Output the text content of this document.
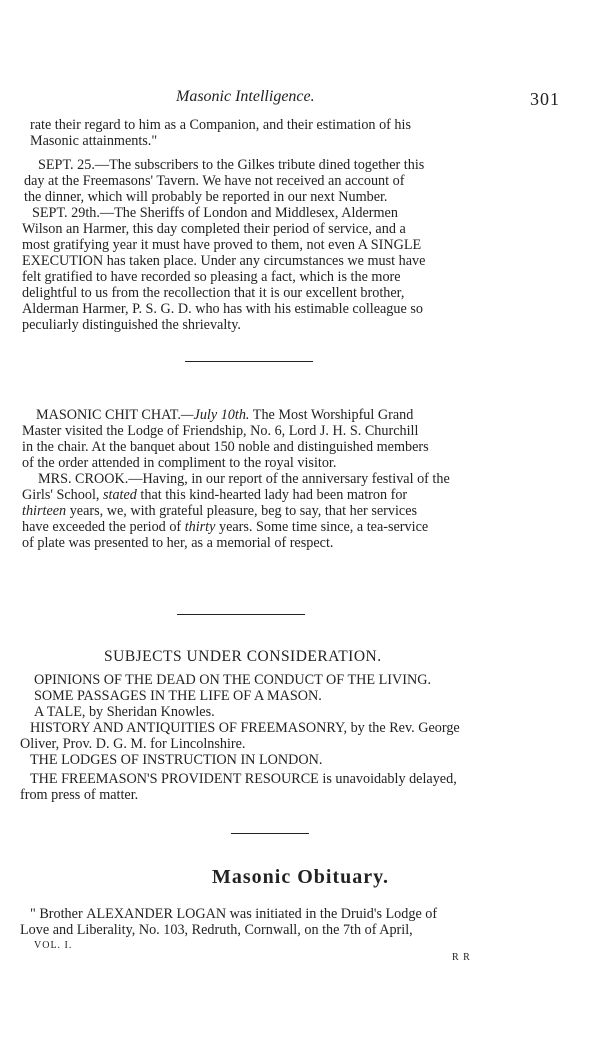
Masonic Intelligence.	301
rate their regard to him as a Companion, and their estimation of his
Masonic attainments."
SEPT. 25.—The subscribers to the Gilkes tribute dined together this
day at the Freemasons' Tavern. We have not received an account of
the dinner, which will probably be reported in our next Number.
SEPT. 29th.—The Sheriffs of London and Middlesex, Aldermen
Wilson an Harmer, this day completed their period of service, and a
most gratifying year it must have proved to them, not even A SINGLE
EXECUTION has taken place. Under any circumstances we must have
felt gratified to have recorded so pleasing a fact, which is the more
delightful to us from the recollection that it is our excellent brother,
Alderman Harmer, P. S. G. D. who has with his estimable colleague so
peculiarly distinguished the shrievalty.
MASONIC CHIT CHAT.—July 10th. The Most Worshipful Grand
Master visited the Lodge of Friendship, No. 6, Lord J. H. S. Churchill
in the chair. At the banquet about 150 noble and distinguished members
of the order attended in compliment to the royal visitor.
MRS. CROOK.—Having, in our report of the anniversary festival of the
Girls' School, stated that this kind-hearted lady had been matron for
thirteen years, we, with grateful pleasure, beg to say, that her services
have exceeded the period of thirty years. Some time since, a tea-service
of plate was presented to her, as a memorial of respect.
SUBJECTS UNDER CONSIDERATION.
OPINIONS OF THE DEAD ON THE CONDUCT OF THE LIVING.
SOME PASSAGES IN THE LIFE OF A MASON.
A TALE, by Sheridan Knowles.
HISTORY AND ANTIQUITIES OF FREEMASONRY, by the Rev. George
Oliver, Prov. D. G. M. for Lincolnshire.
THE LODGES OF INSTRUCTION IN LONDON.
THE FREEMASON'S PROVIDENT RESOURCE is unavoidably delayed,
from press of matter.
Masonic Obituary.
" Brother ALEXANDER LOGAN was initiated in the Druid's Lodge of
Love and Liberality, No. 103, Redruth, Cornwall, on the 7th of April,
VOL. I.
R R
